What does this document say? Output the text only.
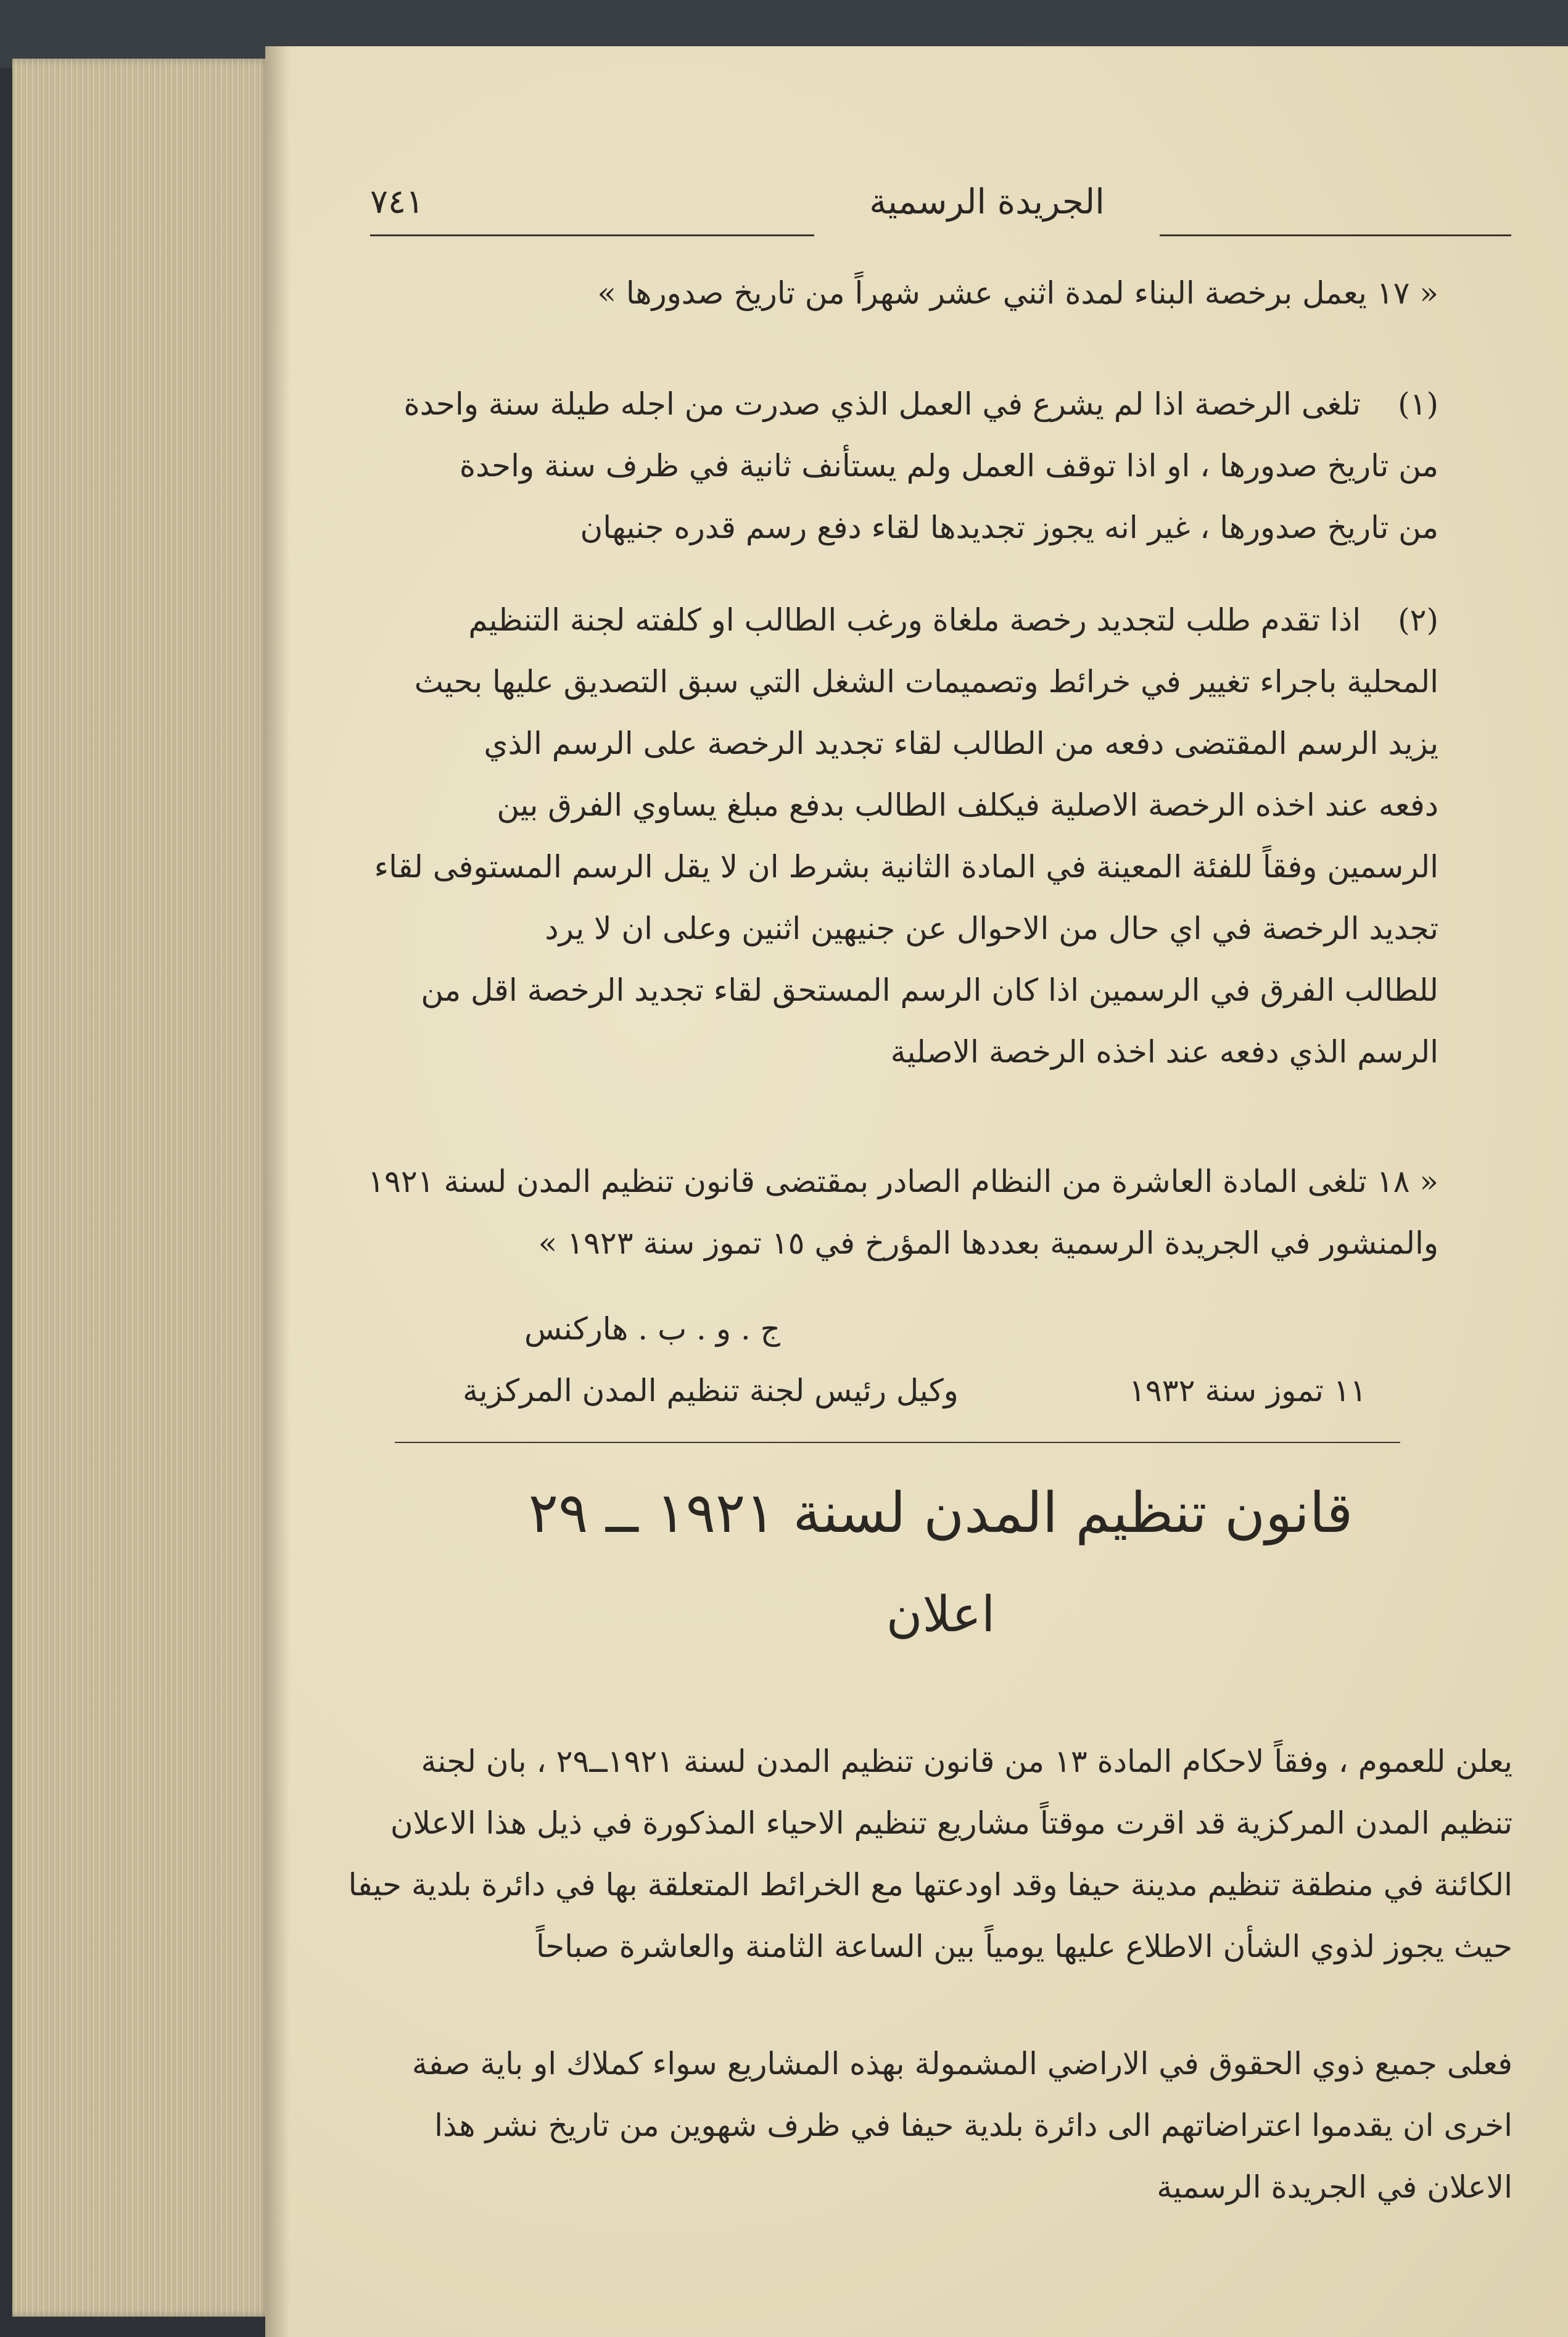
٧٤١	الجريدة الرسمية
« ١٧ يعمل برخصة البناء لمدة اثني عشر شهراً من تاريخ صدورها »
(١)تلغى الرخصة اذا لم يشرع في العمل الذي صدرت من اجله طيلة سنة واحدة
من تاريخ صدورها ، او اذا توقف العمل ولم يستأنف ثانية في ظرف سنة واحدة
من تاريخ صدورها ، غير انه يجوز تجديدها لقاء دفع رسم قدره جنيهان
(٢)اذا تقدم طلب لتجديد رخصة ملغاة ورغب الطالب او كلفته لجنة التنظيم
المحلية باجراء تغيير في خرائط وتصميمات الشغل التي سبق التصديق عليها بحيث
يزيد الرسم المقتضى دفعه من الطالب لقاء تجديد الرخصة على الرسم الذي
دفعه عند اخذه الرخصة الاصلية فيكلف الطالب بدفع مبلغ يساوي الفرق بين
الرسمين وفقاً للفئة المعينة في المادة الثانية بشرط ان لا يقل الرسم المستوفى لقاء
تجديد الرخصة في اي حال من الاحوال عن جنيهين اثنين وعلى ان لا يرد
للطالب الفرق في الرسمين اذا كان الرسم المستحق لقاء تجديد الرخصة اقل من
الرسم الذي دفعه عند اخذه الرخصة الاصلية
« ١٨ تلغى المادة العاشرة من النظام الصادر بمقتضى قانون تنظيم المدن لسنة ١٩٢١
والمنشور في الجريدة الرسمية بعددها المؤرخ في ١٥ تموز سنة ١٩٢٣ »
ج . و . ب . هاركنس
وكيل رئيس لجنة تنظيم المدن المركزية	١١ تموز سنة ١٩٣٢
قانون تنظيم المدن لسنة ١٩٢١ ــ ٢٩
اعلان
يعلن للعموم ، وفقاً لاحكام المادة ١٣ من قانون تنظيم المدن لسنة ١٩٢١ــ٢٩ ، بان لجنة
تنظيم المدن المركزية قد اقرت موقتاً مشاريع تنظيم الاحياء المذكورة في ذيل هذا الاعلان
الكائنة في منطقة تنظيم مدينة حيفا وقد اودعتها مع الخرائط المتعلقة بها في دائرة بلدية حيفا
حيث يجوز لذوي الشأن الاطلاع عليها يومياً بين الساعة الثامنة والعاشرة صباحاً
فعلى جميع ذوي الحقوق في الاراضي المشمولة بهذه المشاريع سواء كملاك او باية صفة
اخرى ان يقدموا اعتراضاتهم الى دائرة بلدية حيفا في ظرف شهوين من تاريخ نشر هذا
الاعلان في الجريدة الرسمية
